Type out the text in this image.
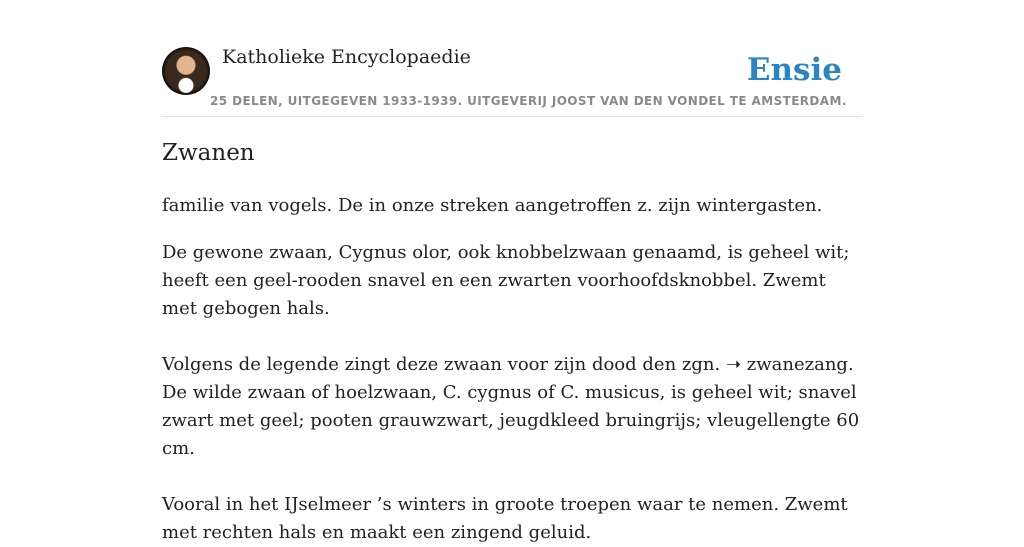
Katholieke Encyclopaedie
25 DELEN, UITGEGEVEN 1933-1939. UITGEVERIJ JOOST VAN DEN VONDEL TE AMSTERDAM.
Ensie
Zwanen

familie van vogels. De in onze streken aangetroffen z. zijn wintergasten.

De gewone zwaan, Cygnus olor, ook knobbelzwaan genaamd, is geheel wit; heeft een geel-rooden snavel en een zwarten voorhoofdsknobbel. Zwemt met gebogen hals.

Volgens de legende zingt deze zwaan voor zijn dood den zgn. ➝ zwanezang. De wilde zwaan of hoelzwaan, C. cygnus of C. musicus, is geheel wit; snavel zwart met geel; pooten grauwzwart, jeugdkleed bruingrijs; vleugellengte 60 cm.

Vooral in het IJselmeer ’s winters in groote troepen waar te nemen. Zwemt met rechten hals en maakt een zingend geluid.
